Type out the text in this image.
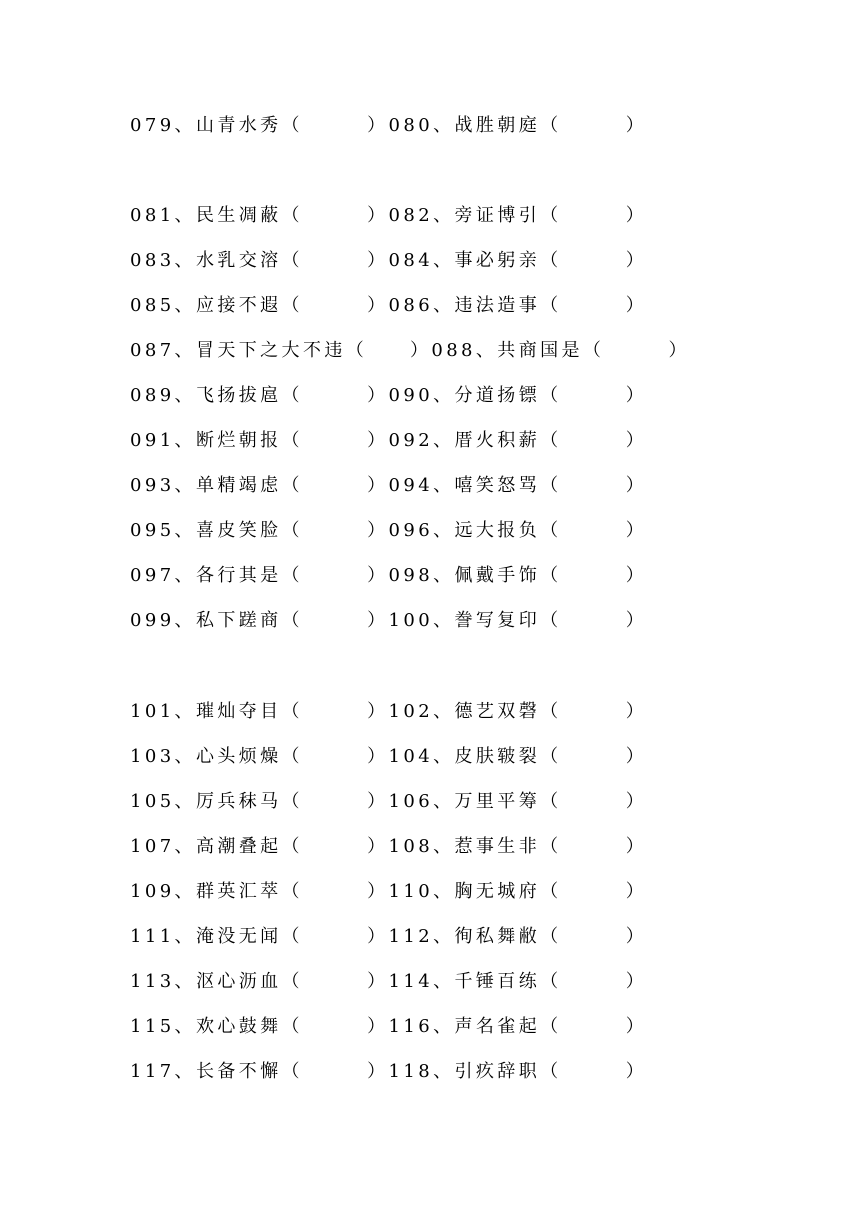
079、山青水秀（　　　）080、战胜朝庭（　　　）
081、民生凋蔽（　　　）082、旁证博引（　　　）
083、水乳交溶（　　　）084、事必躬亲（　　　）
085、应接不遐（　　　）086、违法造事（　　　）
087、冒天下之大不违（　　）088、共商国是（　　　）
089、飞扬拔扈（　　　）090、分道扬镖（　　　）
091、断烂朝报（　　　）092、厝火积薪（　　　）
093、单精竭虑（　　　）094、嘻笑怒骂（　　　）
095、喜皮笑脸（　　　）096、远大报负（　　　）
097、各行其是（　　　）098、佩戴手饰（　　　）
099、私下蹉商（　　　）100、誊写复印（　　　）
101、璀灿夺目（　　　）102、德艺双磬（　　　）
103、心头烦燥（　　　）104、皮肤皲裂（　　　）
105、厉兵秣马（　　　）106、万里平筹（　　　）
107、高潮叠起（　　　）108、惹事生非（　　　）
109、群英汇萃（　　　）110、胸无城府（　　　）
111、淹没无闻（　　　）112、徇私舞敝（　　　）
113、沤心沥血（　　　）114、千锤百练（　　　）
115、欢心鼓舞（　　　）116、声名雀起（　　　）
117、长备不懈（　　　）118、引疚辞职（　　　）
